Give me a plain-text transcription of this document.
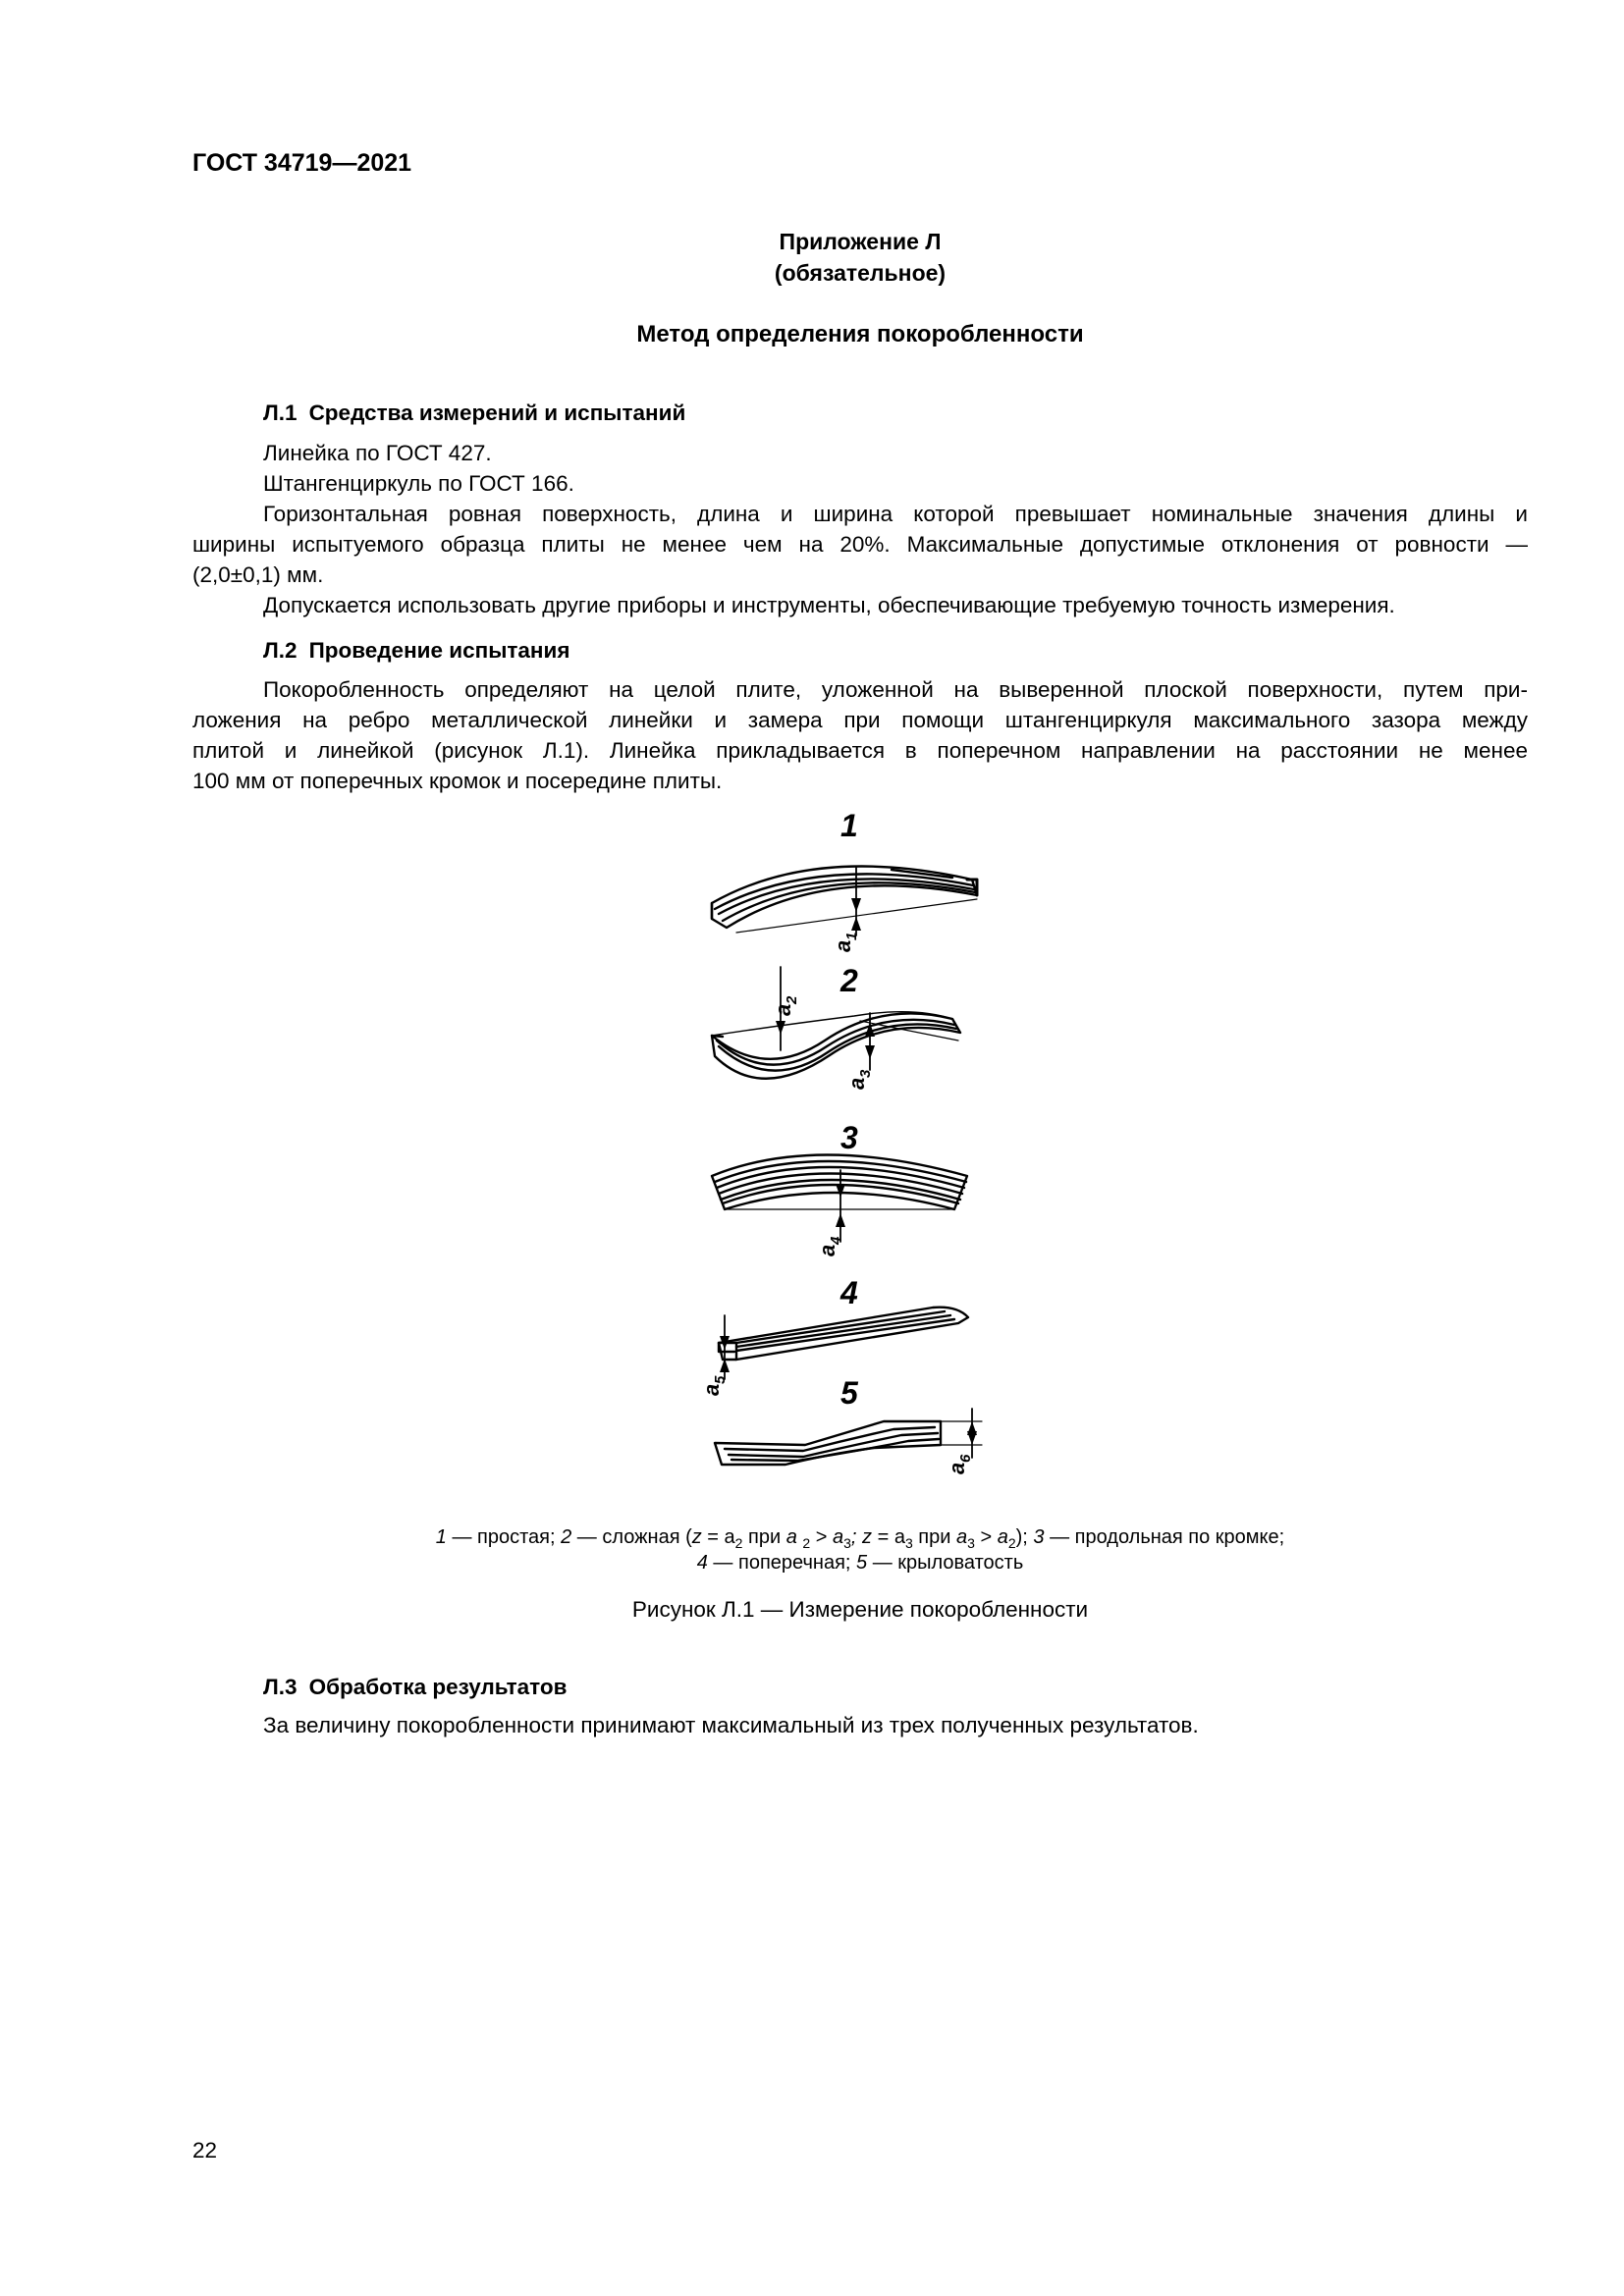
ГОСТ 34719—2021
Приложение Л
(обязательное)
Метод определения покоробленности
Л.1 Средства измерений и испытаний
Линейка по ГОСТ 427.
Штангенциркуль по ГОСТ 166.
Горизонтальная ровная поверхность, длина и ширина которой превышает номинальные значения длины и
ширины испытуемого образца плиты не менее чем на 20%. Максимальные допустимые отклонения от ровности —
(2,0±0,1) мм.
Допускается использовать другие приборы и инструменты, обеспечивающие требуемую точность измерения.
Л.2 Проведение испытания
Покоробленность определяют на целой плите, уложенной на выверенной плоской поверхности, путем при-
ложения на ребро металлической линейки и замера при помощи штангенциркуля максимального зазора между
плитой и линейкой (рисунок Л.1). Линейка прикладывается в поперечном направлении на расстоянии не менее
100 мм от поперечных кромок и посередине плиты.
1
2
3
4
5
a
1
a
2
a
3
a
4
a
5
a
6
1 — простая; 2 — сложная ($z = a_2$ при a $_2 > a_3$; $z = a_3$ при $a_3 > a_2$); 3 — продольная по кромке;
4 — поперечная; 5 — крыловатость
Рисунок Л.1 — Измерение покоробленности
Л.3 Обработка результатов
За величину покоробленности принимают максимальный из трех полученных результатов.
22
